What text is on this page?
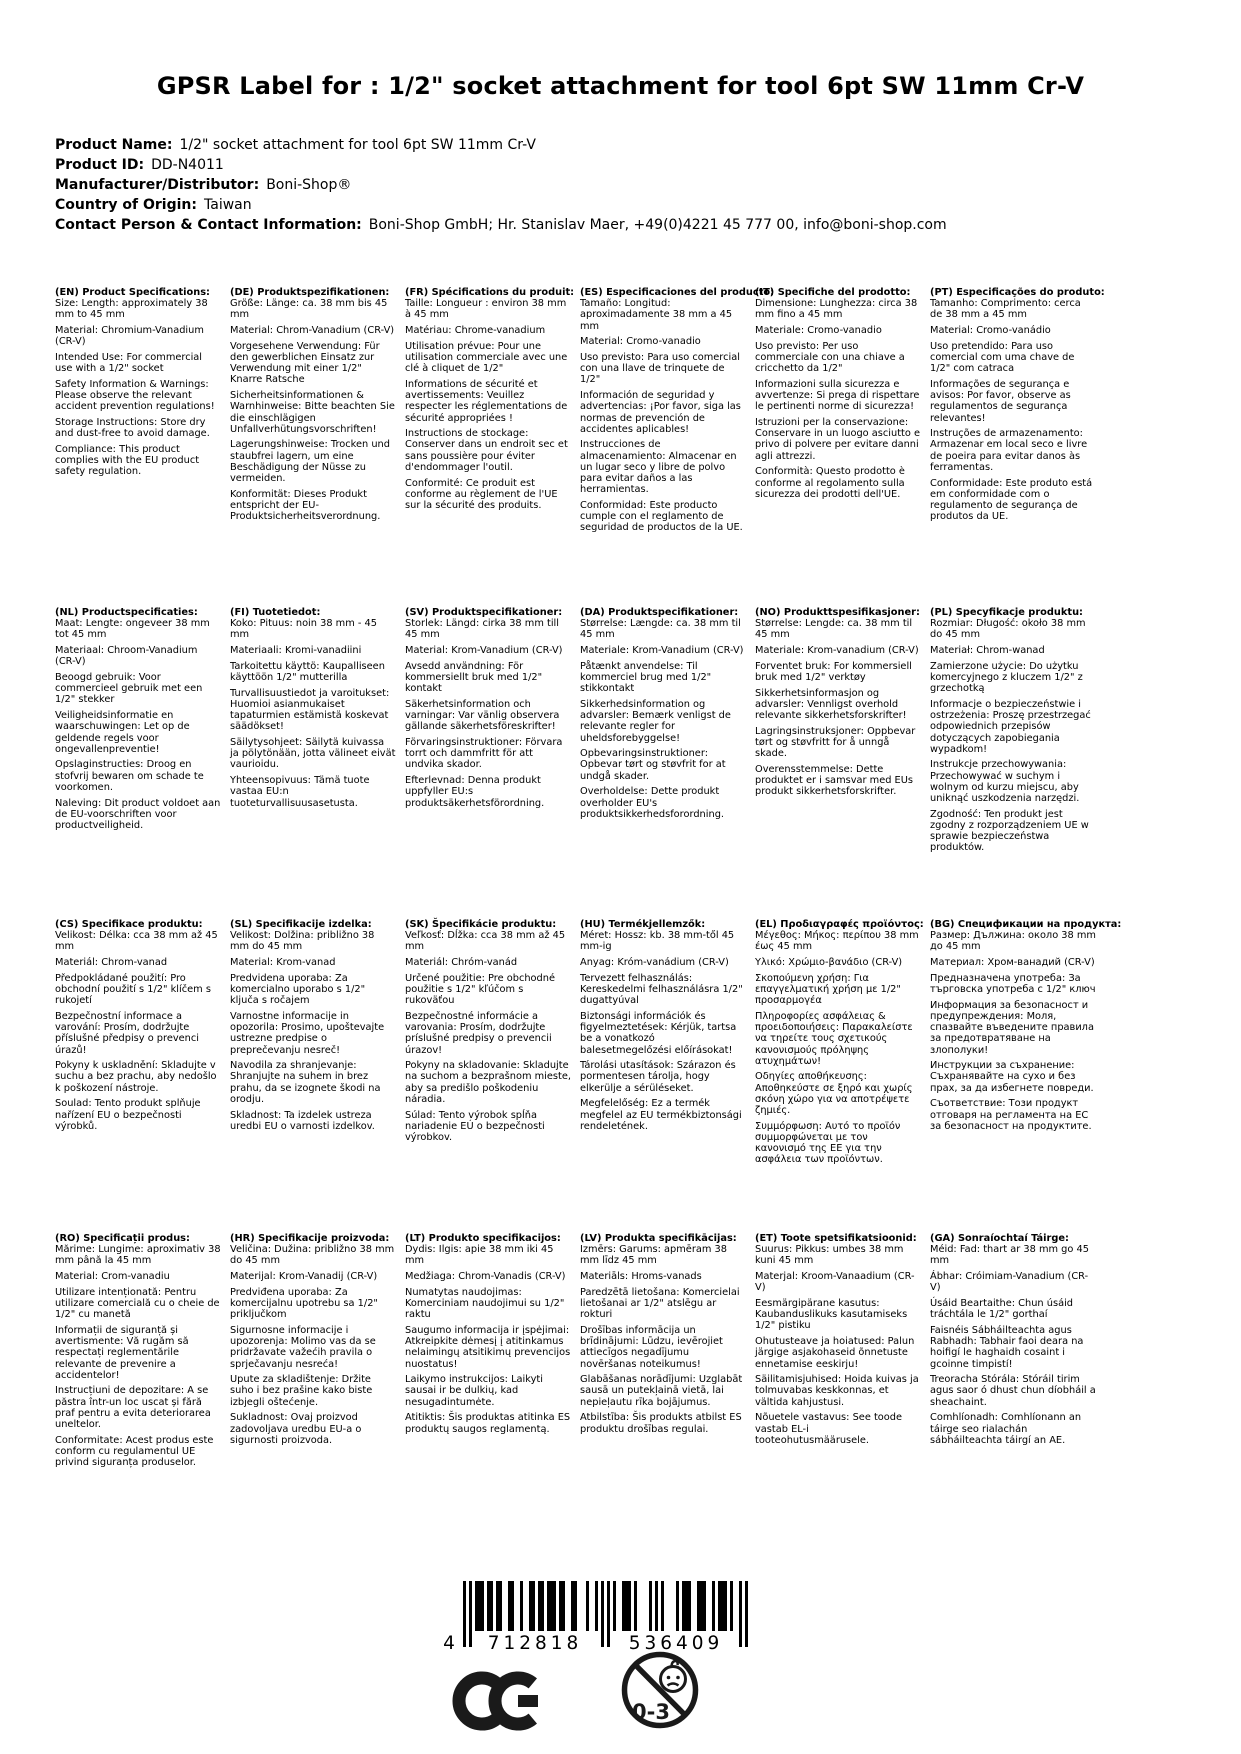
GPSR Label for : 1/2" socket attachment for tool 6pt SW 11mm Cr-V
Product Name: 1/2" socket attachment for tool 6pt SW 11mm Cr-V
Product ID: DD-N4011
Manufacturer/Distributor: Boni-Shop®
Country of Origin: Taiwan
Contact Person & Contact Information: Boni-Shop GmbH; Hr. Stanislav Maer, +49(0)4221 45 777 00, info@boni-shop.com
(EN) Product Specifications:

Size: Length: approximately 38 mm to 45 mm

Material: Chromium-Vanadium (CR-V)

Intended Use: For commercial use with a 1/2" socket

Safety Information & Warnings: Please observe the relevant accident prevention regulations!

Storage Instructions: Store dry and dust-free to avoid damage.

Compliance: This product complies with the EU product safety regulation.

(DE) Produktspezifikationen:

Größe: Länge: ca. 38 mm bis 45 mm

Material: Chrom-Vanadium (CR-V)

Vorgesehene Verwendung: Für den gewerblichen Einsatz zur Verwendung mit einer 1/2" Knarre Ratsche

Sicherheitsinformationen & Warnhinweise: Bitte beachten Sie die einschlägigen Unfallverhütungsvorschriften!

Lagerungshinweise: Trocken und staubfrei lagern, um eine Beschädigung der Nüsse zu vermeiden.

Konformität: Dieses Produkt entspricht der EU-Produktsicherheitsverordnung.

(FR) Spécifications du produit:

Taille: Longueur : environ 38 mm à 45 mm

Matériau: Chrome-vanadium

Utilisation prévue: Pour une utilisation commerciale avec une clé à cliquet de 1/2"

Informations de sécurité et avertissements: Veuillez respecter les réglementations de sécurité appropriées !

Instructions de stockage: Conserver dans un endroit sec et sans poussière pour éviter d'endommager l'outil.

Conformité: Ce produit est conforme au règlement de l'UE sur la sécurité des produits.

(ES) Especificaciones del producto:

Tamaño: Longitud: aproximadamente 38 mm a 45 mm

Material: Cromo-vanadio

Uso previsto: Para uso comercial con una llave de trinquete de 1/2"

Información de seguridad y advertencias: ¡Por favor, siga las normas de prevención de accidentes aplicables!

Instrucciones de almacenamiento: Almacenar en un lugar seco y libre de polvo para evitar daños a las herramientas.

Conformidad: Este producto cumple con el reglamento de seguridad de productos de la UE.

(IT) Specifiche del prodotto:

Dimensione: Lunghezza: circa 38 mm fino a 45 mm

Materiale: Cromo-vanadio

Uso previsto: Per uso commerciale con una chiave a cricchetto da 1/2"

Informazioni sulla sicurezza e avvertenze: Si prega di rispettare le pertinenti norme di sicurezza!

Istruzioni per la conservazione: Conservare in un luogo asciutto e privo di polvere per evitare danni agli attrezzi.

Conformità: Questo prodotto è conforme al regolamento sulla sicurezza dei prodotti dell'UE.

(PT) Especificações do produto:

Tamanho: Comprimento: cerca de 38 mm a 45 mm

Material: Cromo-vanádio

Uso pretendido: Para uso comercial com uma chave de 1/2" com catraca

Informações de segurança e avisos: Por favor, observe as regulamentos de segurança relevantes!

Instruções de armazenamento: Armazenar em local seco e livre de poeira para evitar danos às ferramentas.

Conformidade: Este produto está em conformidade com o regulamento de segurança de produtos da UE.

(NL) Productspecificaties:

Maat: Lengte: ongeveer 38 mm tot 45 mm

Materiaal: Chroom-Vanadium (CR-V)

Beoogd gebruik: Voor commercieel gebruik met een 1/2" stekker

Veiligheidsinformatie en waarschuwingen: Let op de geldende regels voor ongevallenpreventie!

Opslaginstructies: Droog en stofvrij bewaren om schade te voorkomen.

Naleving: Dit product voldoet aan de EU-voorschriften voor productveiligheid.

(FI) Tuotetiedot:

Koko: Pituus: noin 38 mm - 45 mm

Materiaali: Kromi-vanadiini

Tarkoitettu käyttö: Kaupalliseen käyttöön 1/2" mutterilla

Turvallisuustiedot ja varoitukset: Huomioi asianmukaiset tapaturmien estämistä koskevat säädökset!

Säilytysohjeet: Säilytä kuivassa ja pölytönään, jotta välineet eivät vaurioidu.

Yhteensopivuus: Tämä tuote vastaa EU:n tuoteturvallisuusasetusta.

(SV) Produktspecifikationer:

Storlek: Längd: cirka 38 mm till 45 mm

Material: Krom-Vanadium (CR-V)

Avsedd användning: För kommersiellt bruk med 1/2" kontakt

Säkerhetsinformation och varningar: Var vänlig observera gällande säkerhetsföreskrifter!

Förvaringsinstruktioner: Förvara torrt och dammfritt för att undvika skador.

Efterlevnad: Denna produkt uppfyller EU:s produktsäkerhetsförordning.

(DA) Produktspecifikationer:

Størrelse: Længde: ca. 38 mm til 45 mm

Materiale: Krom-Vanadium (CR-V)

Påtænkt anvendelse: Til kommerciel brug med 1/2" stikkontakt

Sikkerhedsinformation og advarsler: Bemærk venligst de relevante regler for uheldsforebyggelse!

Opbevaringsinstruktioner: Opbevar tørt og støvfrit for at undgå skader.

Overholdelse: Dette produkt overholder EU's produktsikkerhedsforordning.

(NO) Produkttspesifikasjoner:

Størrelse: Lengde: ca. 38 mm til 45 mm

Materiale: Krom-vanadium (CR-V)

Forventet bruk: For kommersiell bruk med 1/2" verktøy

Sikkerhetsinformasjon og advarsler: Vennligst overhold relevante sikkerhetsforskrifter!

Lagringsinstruksjoner: Oppbevar tørt og støvfritt for å unngå skade.

Overensstemmelse: Dette produktet er i samsvar med EUs produkt sikkerhetsforskrifter.

(PL) Specyfikacje produktu:

Rozmiar: Długość: około 38 mm do 45 mm

Materiał: Chrom-wanad

Zamierzone użycie: Do użytku komercyjnego z kluczem 1/2" z grzechotką

Informacje o bezpieczeństwie i ostrzeżenia: Proszę przestrzegać odpowiednich przepisów dotyczących zapobiegania wypadkom!

Instrukcje przechowywania: Przechowywać w suchym i wolnym od kurzu miejscu, aby uniknąć uszkodzenia narzędzi.

Zgodność: Ten produkt jest zgodny z rozporządzeniem UE w sprawie bezpieczeństwa produktów.

(CS) Specifikace produktu:

Velikost: Délka: cca 38 mm až 45 mm

Materiál: Chrom-vanad

Předpokládané použití: Pro obchodní použití s 1/2" klíčem s rukojetí

Bezpečnostní informace a varování: Prosím, dodržujte příslušné předpisy o prevenci úrazů!

Pokyny k uskladnění: Skladujte v suchu a bez prachu, aby nedošlo k poškození nástroje.

Soulad: Tento produkt splňuje nařízení EU o bezpečnosti výrobků.

(SL) Specifikacije izdelka:

Velikost: Dolžina: približno 38 mm do 45 mm

Material: Krom-vanad

Predvidena uporaba: Za komercialno uporabo s 1/2" ključa s ročajem

Varnostne informacije in opozorila: Prosimo, upoštevajte ustrezne predpise o preprečevanju nesreč!

Navodila za shranjevanje: Shranjujte na suhem in brez prahu, da se izognete škodi na orodju.

Skladnost: Ta izdelek ustreza uredbi EU o varnosti izdelkov.

(SK) Špecifikácie produktu:

Veľkosť: Dĺžka: cca 38 mm až 45 mm

Materiál: Chróm-vanád

Určené použitie: Pre obchodné použitie s 1/2" kľúčom s rukoväťou

Bezpečnostné informácie a varovania: Prosím, dodržujte príslušné predpisy o prevencii úrazov!

Pokyny na skladovanie: Skladujte na suchom a bezprašnom mieste, aby sa predišlo poškodeniu náradia.

Súlad: Tento výrobok spĺňa nariadenie EÚ o bezpečnosti výrobkov.

(HU) Termékjellemzők:

Méret: Hossz: kb. 38 mm-től 45 mm-ig

Anyag: Króm-vanádium (CR-V)

Tervezett felhasználás: Kereskedelmi felhasználásra 1/2" dugattyúval

Biztonsági információk és figyelmeztetések: Kérjük, tartsa be a vonatkozó balesetmegelőzési előírásokat!

Tárolási utasítások: Szárazon és pormentesen tárolja, hogy elkerülje a sérüléseket.

Megfelelőség: Ez a termék megfelel az EU termékbiztonsági rendeletének.

(EL) Προδιαγραφές προϊόντος:

Μέγεθος: Μήκος: περίπου 38 mm έως 45 mm

Υλικό: Χρώμιο-βανάδιο (CR-V)

Σκοπούμενη χρήση: Για επαγγελματική χρήση με 1/2" προσαρμογέα

Πληροφορίες ασφάλειας & προειδοποιήσεις: Παρακαλείστε να τηρείτε τους σχετικούς κανονισμούς πρόληψης ατυχημάτων!

Οδηγίες αποθήκευσης: Αποθηκεύστε σε ξηρό και χωρίς σκόνη χώρο για να αποτρέψετε ζημιές.

Συμμόρφωση: Αυτό το προϊόν συμμορφώνεται με τον κανονισμό της ΕΕ για την ασφάλεια των προϊόντων.

(BG) Спецификации на продукта:

Размер: Дължина: около 38 mm до 45 mm

Материал: Хром-ванадий (CR-V)

Предназначена употреба: За търговска употреба с 1/2" ключ

Информация за безопасност и предупреждения: Моля, спазвайте въведените правила за предотвратяване на злополуки!

Инструкции за съхранение: Съхранявайте на сухо и без прах, за да избегнете повреди.

Съответствие: Този продукт отговаря на регламента на ЕС за безопасност на продуктите.

(RO) Specificații produs:

Mărime: Lungime: aproximativ 38 mm până la 45 mm

Material: Crom-vanadiu

Utilizare intenționată: Pentru utilizare comercială cu o cheie de 1/2" cu manetă

Informații de siguranță și avertismente: Vă rugăm să respectați reglementările relevante de prevenire a accidentelor!

Instrucțiuni de depozitare: A se păstra într-un loc uscat și fără praf pentru a evita deteriorarea uneltelor.

Conformitate: Acest produs este conform cu regulamentul UE privind siguranța produselor.

(HR) Specifikacije proizvoda:

Veličina: Dužina: približno 38 mm do 45 mm

Materijal: Krom-Vanadij (CR-V)

Predviđena uporaba: Za komercijalnu upotrebu sa 1/2" priključkom

Sigurnosne informacije i upozorenja: Molimo vas da se pridržavate važećih pravila o sprječavanju nesreća!

Upute za skladištenje: Držite suho i bez prašine kako biste izbjegli oštećenje.

Sukladnost: Ovaj proizvod zadovoljava uredbu EU-a o sigurnosti proizvoda.

(LT) Produkto specifikacijos:

Dydis: Ilgis: apie 38 mm iki 45 mm

Medžiaga: Chrom-Vanadis (CR-V)

Numatytas naudojimas: Komerciniam naudojimui su 1/2" raktu

Saugumo informacija ir įspėjimai: Atkreipkite dėmesį į atitinkamus nelaimingų atsitikimų prevencijos nuostatus!

Laikymo instrukcijos: Laikyti sausai ir be dulkių, kad nesugadintumėte.

Atitiktis: Šis produktas atitinka ES produktų saugos reglamentą.

(LV) Produkta specifikācijas:

Izmērs: Garums: apmēram 38 mm līdz 45 mm

Materiāls: Hroms-vanads

Paredzētā lietošana: Komercielai lietošanai ar 1/2" atslēgu ar rokturi

Drošības informācija un brīdinājumi: Lūdzu, ievērojiet attiecīgos negadījumu novēršanas noteikumus!

Glabāšanas norādījumi: Uzglabāt sausā un putekļainā vietā, lai nepieļautu rīka bojājumus.

Atbilstība: Šis produkts atbilst ES produktu drošības regulai.

(ET) Toote spetsifikatsioonid:

Suurus: Pikkus: umbes 38 mm kuni 45 mm

Materjal: Kroom-Vanaadium (CR-V)

Eesmärgipärane kasutus: Kaubanduslikuks kasutamiseks 1/2" pistiku

Ohutusteave ja hoiatused: Palun järgige asjakohaseid õnnetuste ennetamise eeskirju!

Säilitamisjuhised: Hoida kuivas ja tolmuvabas keskkonnas, et vältida kahjustusi.

Nõuetele vastavus: See toode vastab EL-i tooteohutusmäärusele.

(GA) Sonraíochtaí Táirge:

Méid: Fad: thart ar 38 mm go 45 mm

Ábhar: Cróimiam-Vanadium (CR-V)

Úsáid Beartaithe: Chun úsáid tráchtála le 1/2" gorthaí

Faisnéis Sábháilteachta agus Rabhadh: Tabhair faoi deara na hoifigí le haghaidh cosaint i gcoinne timpistí!

Treoracha Stórála: Stóráil tirim agus saor ó dhust chun díobháil a sheachaint.

Comhlíonadh: Comhlíonann an táirge seo rialachán sábháilteachta táirgí an AE.

4 712818	536409
0-3
